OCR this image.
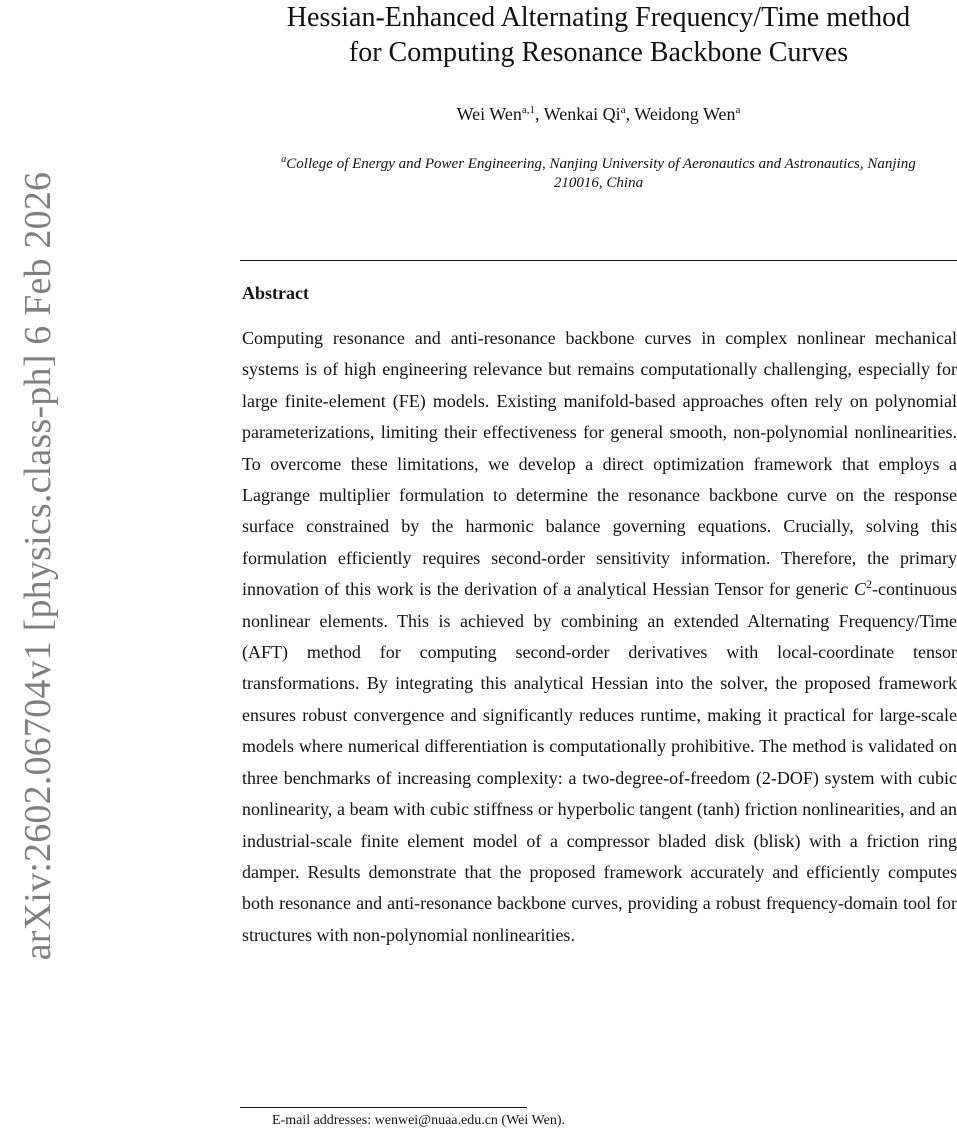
arXiv:2602.06704v1 [physics.class-ph] 6 Feb 2026
Hessian-Enhanced Alternating Frequency/Time method
for Computing Resonance Backbone Curves
Wei Wen$^{a,1}$, Wenkai Qi$^a$, Weidong Wen$^a$
$^a$College of Energy and Power Engineering, Nanjing University of Aeronautics and Astronautics, Nanjing 210016, China
Abstract

Computing resonance and anti-resonance backbone curves in complex nonlinear mechanical systems is of high engineering relevance but remains computationally challenging, especially for large finite-element (FE) models. Existing manifold-based approaches often rely on polynomial parameterizations, limiting their effectiveness for general smooth, non-polynomial nonlinearities. To overcome these limitations, we develop a direct optimization framework that employs a Lagrange multiplier formulation to determine the resonance backbone curve on the response surface constrained by the harmonic balance governing equations. Crucially, solving this formulation efficiently requires second-order sensitivity information. Therefore, the primary innovation of this work is the derivation of a analytical Hessian Tensor for generic $C^2$-continuous nonlinear elements. This is achieved by combining an extended Alternating Frequency/Time (AFT) method for computing second-order derivatives with local-coordinate tensor transformations. By integrating this analytical Hessian into the solver, the proposed framework ensures robust convergence and significantly reduces runtime, making it practical for large-scale models where numerical differentiation is computationally prohibitive. The method is validated on three benchmarks of increasing complexity: a two-degree-of-freedom (2-DOF) system with cubic nonlinearity, a beam with cubic stiffness or hyperbolic tangent (tanh) friction nonlinearities, and an industrial-scale finite element model of a compressor bladed disk (blisk) with a friction ring damper. Results demonstrate that the proposed framework accurately and efficiently computes both resonance and anti-resonance backbone curves, providing a robust frequency-domain tool for structures with non-polynomial nonlinearities.

E-mail addresses: wenwei@nuaa.edu.cn (Wei Wen).
